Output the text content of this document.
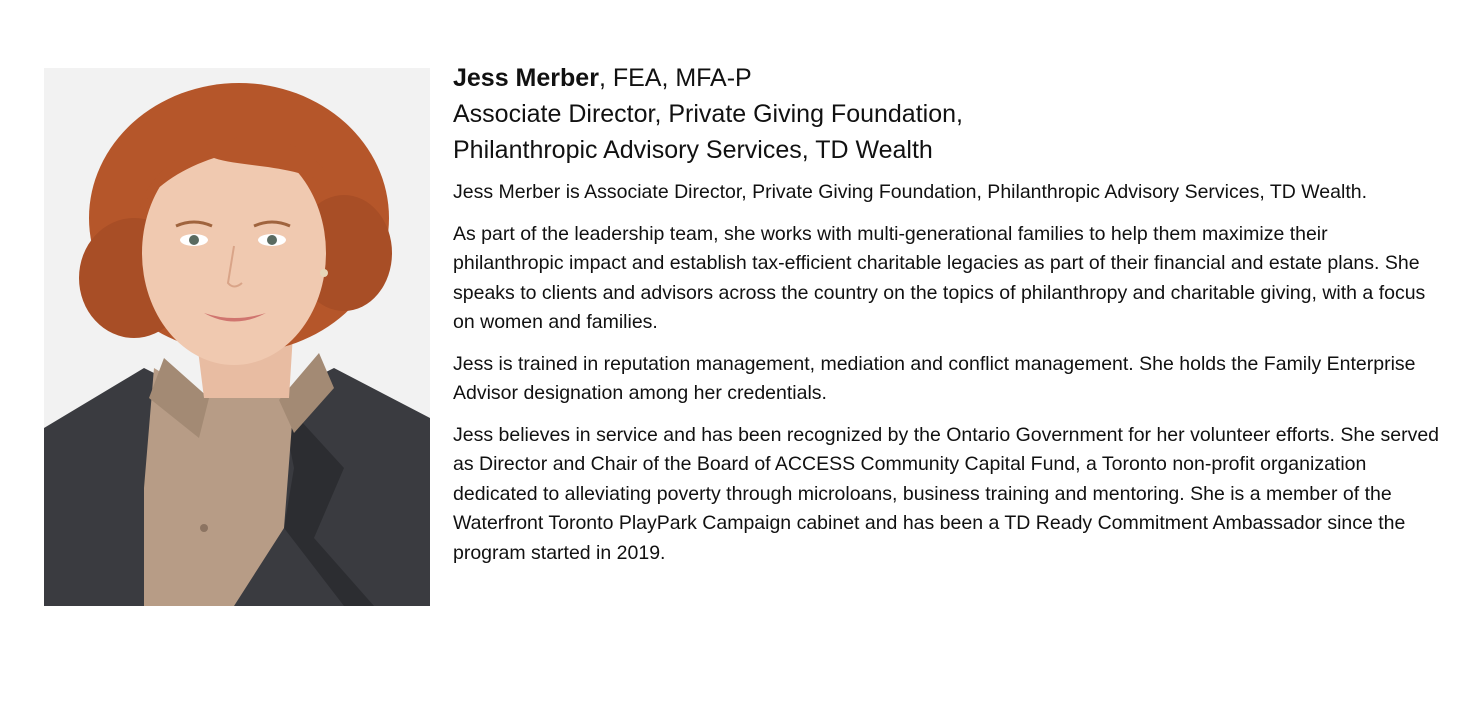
Jess Merber, FEA, MFA-P
Associate Director, Private Giving Foundation,
Philanthropic Advisory Services, TD Wealth

Jess Merber is Associate Director, Private Giving Foundation, Philanthropic Advisory Services, TD Wealth.

As part of the leadership team, she works with multi-generational families to help them maximize their philanthropic impact and establish tax-efficient charitable legacies as part of their financial and estate plans. She speaks to clients and advisors across the country on the topics of philanthropy and charitable giving, with a focus on women and families.

Jess is trained in reputation management, mediation and conflict management. She holds the Family Enterprise Advisor designation among her credentials.

Jess believes in service and has been recognized by the Ontario Government for her volunteer efforts. She served as Director and Chair of the Board of ACCESS Community Capital Fund, a Toronto non-profit organization dedicated to alleviating poverty through microloans, business training and mentoring. She is a member of the Waterfront Toronto PlayPark Campaign cabinet and has been a TD Ready Commitment Ambassador since the program started in 2019.
